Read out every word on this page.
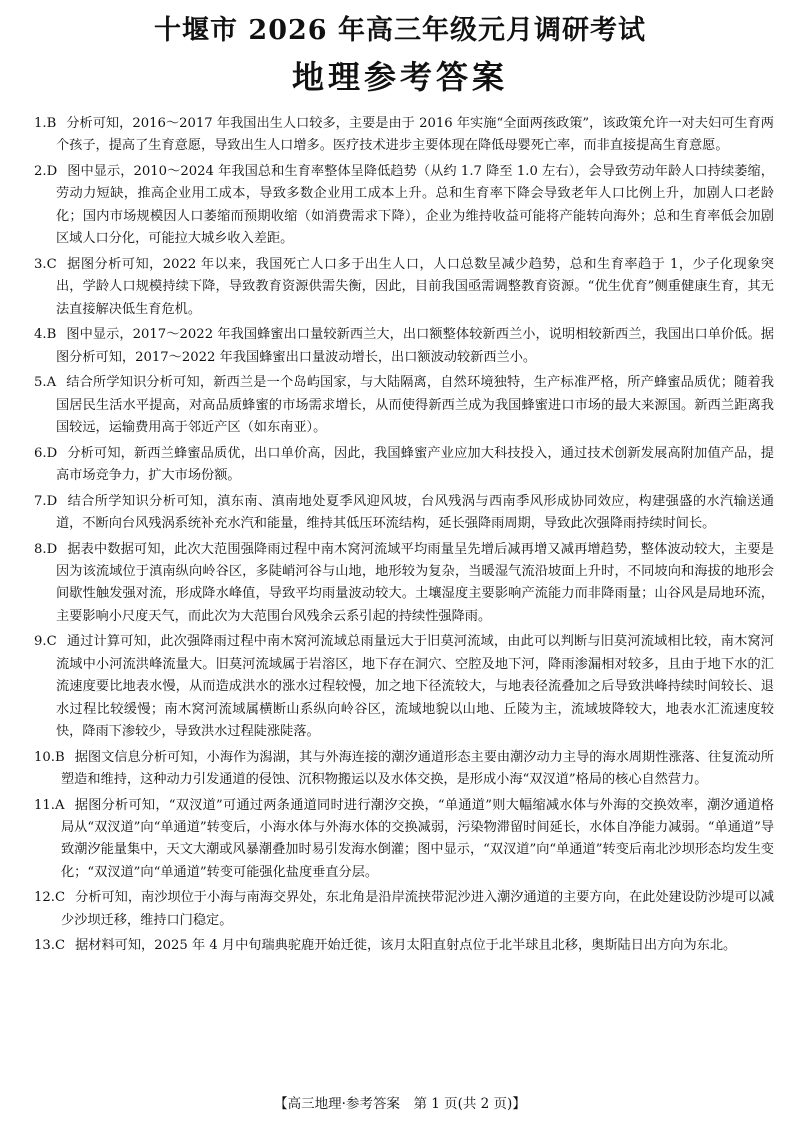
十堰市 2026 年高三年级元月调研考试
地理参考答案

1.B 分析可知，2016～2017 年我国出生人口较多，主要是由于 2016 年实施“全面两孩政策”，该政策允许一对夫妇可生育两个孩子，提高了生育意愿，导致出生人口增多。医疗技术进步主要体现在降低母婴死亡率，而非直接提高生育意愿。

2.D 图中显示，2010～2024 年我国总和生育率整体呈降低趋势（从约 1.7 降至 1.0 左右），会导致劳动年龄人口持续萎缩，劳动力短缺，推高企业用工成本，导致多数企业用工成本上升。总和生育率下降会导致老年人口比例上升，加剧人口老龄化；国内市场规模因人口萎缩而预期收缩（如消费需求下降），企业为维持收益可能将产能转向海外；总和生育率低会加剧区域人口分化，可能拉大城乡收入差距。

3.C 据图分析可知，2022 年以来，我国死亡人口多于出生人口，人口总数呈减少趋势，总和生育率趋于 1，少子化现象突出，学龄人口规模持续下降，导致教育资源供需失衡，因此，目前我国亟需调整教育资源。“优生优育”侧重健康生育，其无法直接解决低生育危机。

4.B 图中显示，2017～2022 年我国蜂蜜出口量较新西兰大，出口额整体较新西兰小，说明相较新西兰，我国出口单价低。据图分析可知，2017～2022 年我国蜂蜜出口量波动增长，出口额波动较新西兰小。

5.A 结合所学知识分析可知，新西兰是一个岛屿国家，与大陆隔离，自然环境独特，生产标准严格，所产蜂蜜品质优；随着我国居民生活水平提高，对高品质蜂蜜的市场需求增长，从而使得新西兰成为我国蜂蜜进口市场的最大来源国。新西兰距离我国较远，运输费用高于邻近产区（如东南亚）。

6.D 分析可知，新西兰蜂蜜品质优，出口单价高，因此，我国蜂蜜产业应加大科技投入，通过技术创新发展高附加值产品，提高市场竞争力，扩大市场份额。

7.D 结合所学知识分析可知，滇东南、滇南地处夏季风迎风坡，台风残涡与西南季风形成协同效应，构建强盛的水汽输送通道，不断向台风残涡系统补充水汽和能量，维持其低压环流结构，延长强降雨周期，导致此次强降雨持续时间长。

8.D 据表中数据可知，此次大范围强降雨过程中南木窝河流域平均雨量呈先增后减再增又减再增趋势，整体波动较大，主要是因为该流域位于滇南纵向岭谷区，多陡峭河谷与山地，地形较为复杂，当暖湿气流沿坡面上升时，不同坡向和海拔的地形会间歇性触发强对流，形成降水峰值，导致平均雨量波动较大。土壤湿度主要影响产流能力而非降雨量；山谷风是局地环流，主要影响小尺度天气，而此次为大范围台风残余云系引起的持续性强降雨。

9.C 通过计算可知，此次强降雨过程中南木窝河流域总雨量远大于旧莫河流域，由此可以判断与旧莫河流域相比较，南木窝河流域中小河流洪峰流量大。旧莫河流域属于岩溶区，地下存在洞穴、空腔及地下河，降雨渗漏相对较多，且由于地下水的汇流速度要比地表水慢，从而造成洪水的涨水过程较慢，加之地下径流较大，与地表径流叠加之后导致洪峰持续时间较长、退水过程比较缓慢；南木窝河流域属横断山系纵向岭谷区，流域地貌以山地、丘陵为主，流域坡降较大，地表水汇流速度较快，降雨下渗较少，导致洪水过程陡涨陡落。

10.B 据图文信息分析可知，小海作为潟湖，其与外海连接的潮汐通道形态主要由潮汐动力主导的海水周期性涨落、往复流动所塑造和维持，这种动力引发通道的侵蚀、沉积物搬运以及水体交换，是形成小海“双汊道”格局的核心自然营力。

11.A 据图分析可知，“双汊道”可通过两条通道同时进行潮汐交换，“单通道”则大幅缩减水体与外海的交换效率，潮汐通道格局从“双汊道”向“单通道”转变后，小海水体与外海水体的交换减弱，污染物滞留时间延长，水体自净能力减弱。“单通道”导致潮汐能量集中，天文大潮或风暴潮叠加时易引发海水倒灌；图中显示，“双汊道”向“单通道”转变后南北沙坝形态均发生变化；“双汊道”向“单通道”转变可能强化盐度垂直分层。

12.C 分析可知，南沙坝位于小海与南海交界处，东北角是沿岸流挟带泥沙进入潮汐通道的主要方向，在此处建设防沙堤可以减少沙坝迁移，维持口门稳定。

13.C 据材料可知，2025 年 4 月中旬瑞典驼鹿开始迁徙，该月太阳直射点位于北半球且北移，奥斯陆日出方向为东北。

【高三地理·参考答案　第 1 页(共 2 页)】
